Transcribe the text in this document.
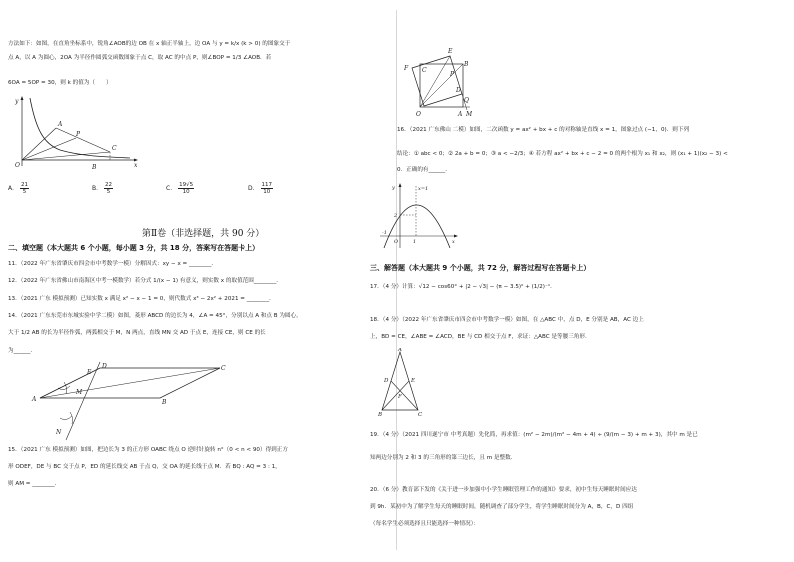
方法如下：如图，在直角坐标系中，锐角∠AOB的边 OB 在 x 轴正半轴上，边 OA 与 y = k/x (k > 0) 的图象交于
点 A，以 A 为圆心，2OA 为半径作圆弧交函数图象于点 C，取 AC 的中点 P，则∠BOP = 1/3 ∠AOB．若
6OA = 5OP = 30，则 k 的值为（　　）
y
x
O
A
P
C
B
A． $\frac{21}{5}$	B． $\frac{22}{5}$	C． $\frac{19√5}{10}$	D． $\frac{117}{10}$
第Ⅱ卷（非选择题，共 90 分）
二、填空题（本大题共 6 个小题，每小题 3 分，共 18 分，答案写在答题卡上）
11．（2022 年广东省肇庆市四会市中考数学一模）分解因式：xy − x = ________．
12．（2022 年广东省佛山市南海区中考一模数学）若分式 1/(x − 1) 有意义，则实数 x 的取值范围________．
13．（2021 广东 模拟预测）已知实数 x 满足 x² − x − 1 = 0，则代数式 x³ − 2x² + 2021 = ________．
14．（2021 广东东莞市东城实验中学二模）如图，菱形 ABCD 的边长为 4，∠A = 45°，分别以点 A 和点 B 为圆心，
大于 1/2 AB 的长为半径作弧，两弧相交于 M，N 两点，直线 MN 交 AD 于点 E，连接 CE，则 CE 的长
为______.
A	B
C
D
E
M
N
15．（2021 广东 模拟预测）如图，把边长为 3 的正方形 OABC 绕点 O 逆时针旋转 n°（0 < n < 90）得到正方
形 ODEF，DE 与 BC 交于点 P，ED 的延长线交 AB 于点 Q，交 OA 的延长线于点 M．若 BQ : AQ = 3 : 1，
则 AM = ________．
E
F C
P
B
D
Q
O	A M
16．（2021 广东佛山 二模）如图，二次函数 y = ax² + bx + c 的对称轴是直线 x = 1，图象过点 (−1，0)．则下列
结论：① abc < 0；② 2a + b = 0；③ a < −2/3；④ 若方程 ax² + bx + c − 2 = 0 的两个根为 x₁ 和 x₂，则 (x₁ + 1)(x₂ − 3) <
0．正确的有______．
x=1
y
2
-1
O	1	x
三、解答题（本大题共 9 个小题，共 72 分，解答过程写在答题卡上）
17．（4 分）计算：√12 − cos60° + |2 − √3| − (π − 3.5)⁰ + (1/2)⁻¹．
18．（4 分）（2022 年广东省肇庆市四会市中考数学一模）如图，在 △ABC 中，点 D，E 分别是 AB，AC 边上
上，BD = CE，∠ABE = ∠ACD，BE 与 CD 相交于点 F，求证：△ABC 是等腰三角形.
A
D	E
F
B	C
19．（4 分）（2021 四川遂宁市 中考真题）先化简，再求值：(m² − 2m)/(m² − 4m + 4) ÷ (9/(m − 3) + m + 3)，其中 m 是已
知两边分别为 2 和 3 的三角形的第三边长，且 m 是整数.
20．（6 分）教育部下发的《关于进一步加强中小学生睡眠管理工作的通知》要求，初中生每天睡眠时间应达
到 9h．某初中为了解学生每天的睡眠时间，随机调查了部分学生，将学生睡眠时间分为 A，B，C，D 四组
（每名学生必须选择且只能选择一种情况）：
